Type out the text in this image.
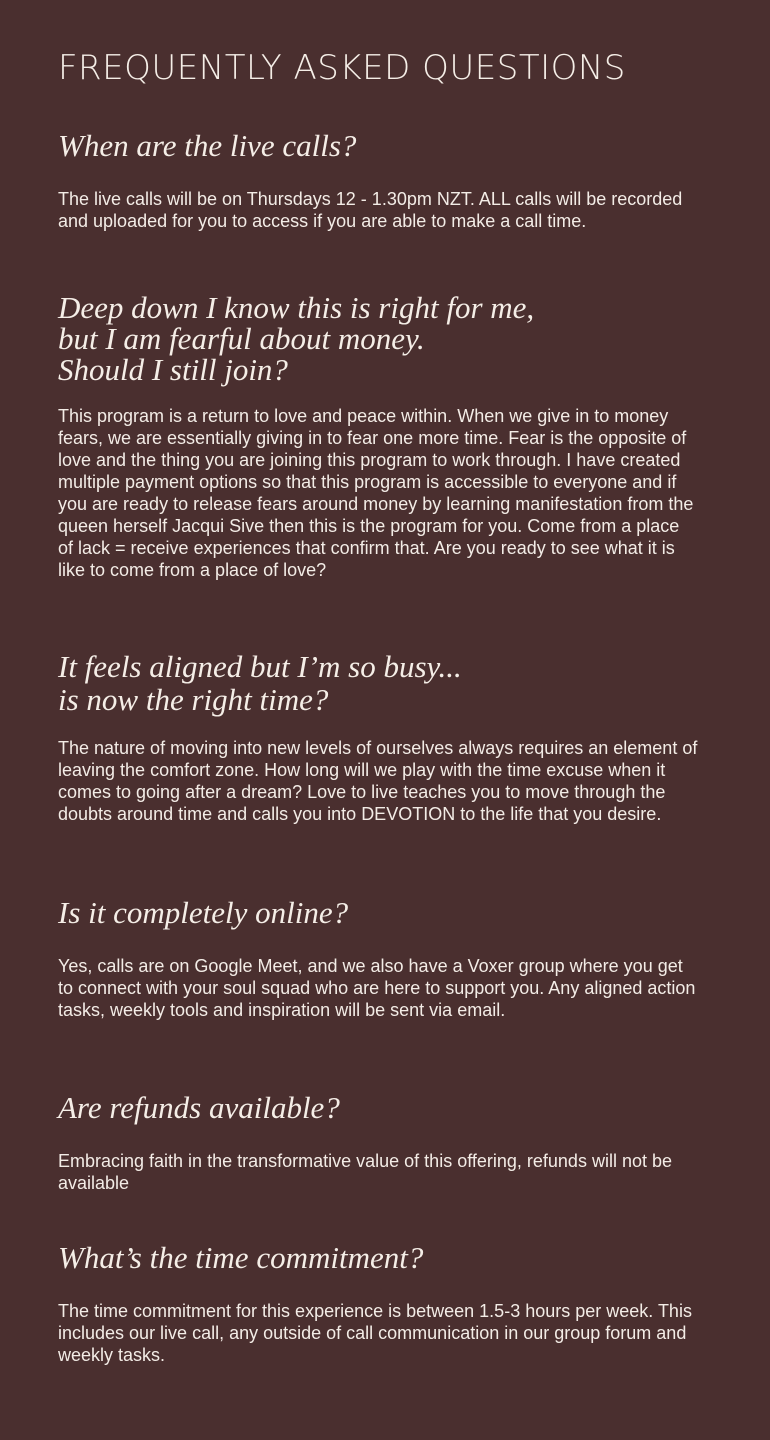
FREQUENTLY ASKED QUESTIONS
When are the live calls?

The live calls will be on Thursdays 12 - 1.30pm NZT. ALL calls will be recorded and uploaded for you to access if you are able to make a call time.

Deep down I know this is right for me,
but I am fearful about money.
Should I still join?

This program is a return to love and peace within. When we give in to money fears, we are essentially giving in to fear one more time. Fear is the opposite of love and the thing you are joining this program to work through. I have created multiple payment options so that this program is accessible to everyone and if you are ready to release fears around money by learning manifestation from the queen herself Jacqui Sive then this is the program for you. Come from a place of lack = receive experiences that confirm that. Are you ready to see what it is like to come from a place of love?

It feels aligned but I’m so busy...
is now the right time?

The nature of moving into new levels of ourselves always requires an element of leaving the comfort zone. How long will we play with the time excuse when it comes to going after a dream? Love to live teaches you to move through the doubts around time and calls you into DEVOTION to the life that you desire.

Is it completely online?

Yes, calls are on Google Meet, and we also have a Voxer group where you get to connect with your soul squad who are here to support you. Any aligned action tasks, weekly tools and inspiration will be sent via email.

Are refunds available?

Embracing faith in the transformative value of this offering, refunds will not be available

What’s the time commitment?

The time commitment for this experience is between 1.5-3 hours per week. This includes our live call, any outside of call communication in our group forum and weekly tasks.
